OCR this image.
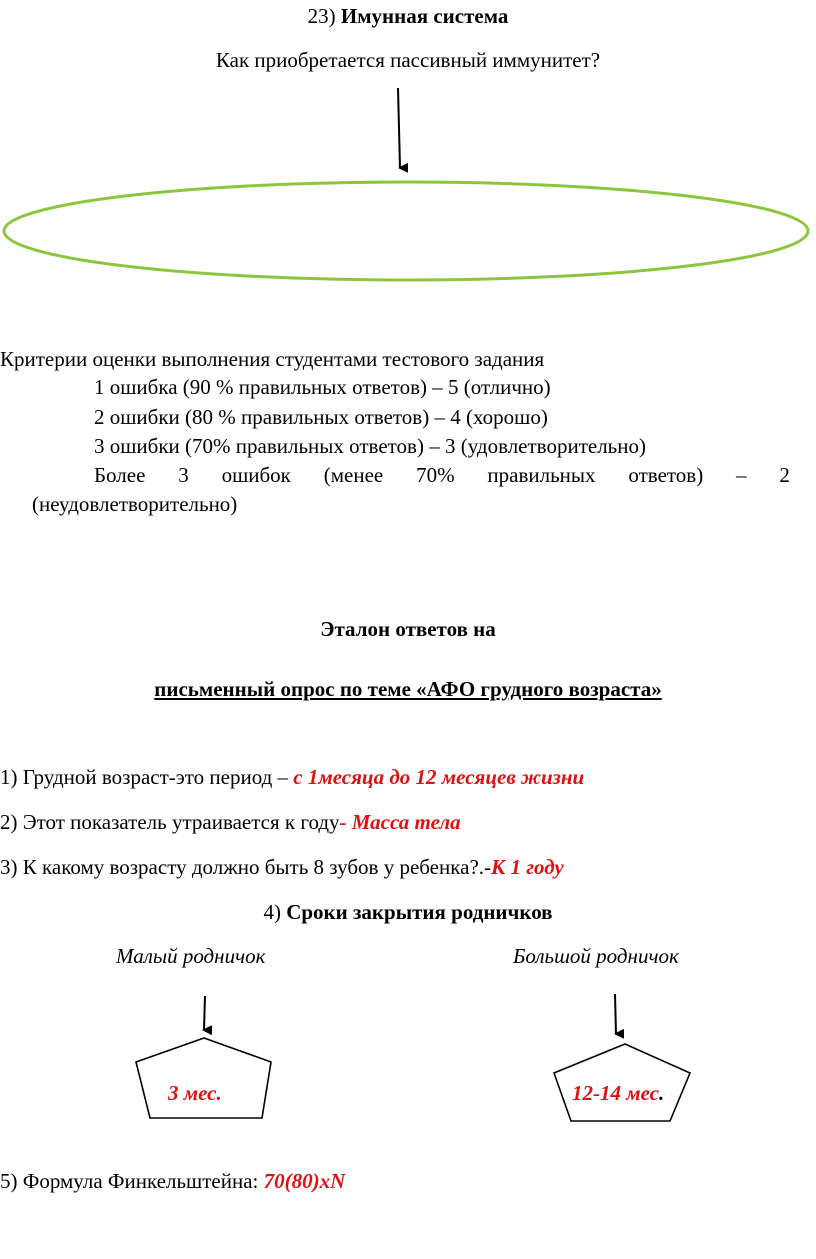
23) Имунная система
Как приобретается пассивный иммунитет?
Критерии оценки выполнения студентами тестового задания
1 ошибка (90 % правильных ответов) – 5 (отлично)
2 ошибки (80 % правильных ответов) – 4 (хорошо)
3 ошибки (70% правильных ответов) – 3 (удовлетворительно)
Более 3 ошибок (менее 70% правильных ответов) – 2
(неудовлетворительно)
Эталон ответов на
письменный опрос по теме «АФО грудного возраста»
1) Грудной возраст-это период – с 1месяца до 12 месяцев жизни
2) Этот показатель утраивается к году- Масса тела
3) К какому возрасту должно быть 8 зубов у ребенка?.-К 1 году
4) Сроки закрытия родничков
Малый родничок	Большой родничок
3 мес.	12-14 мес.
5) Формула Финкельштейна: 70(80)xN
